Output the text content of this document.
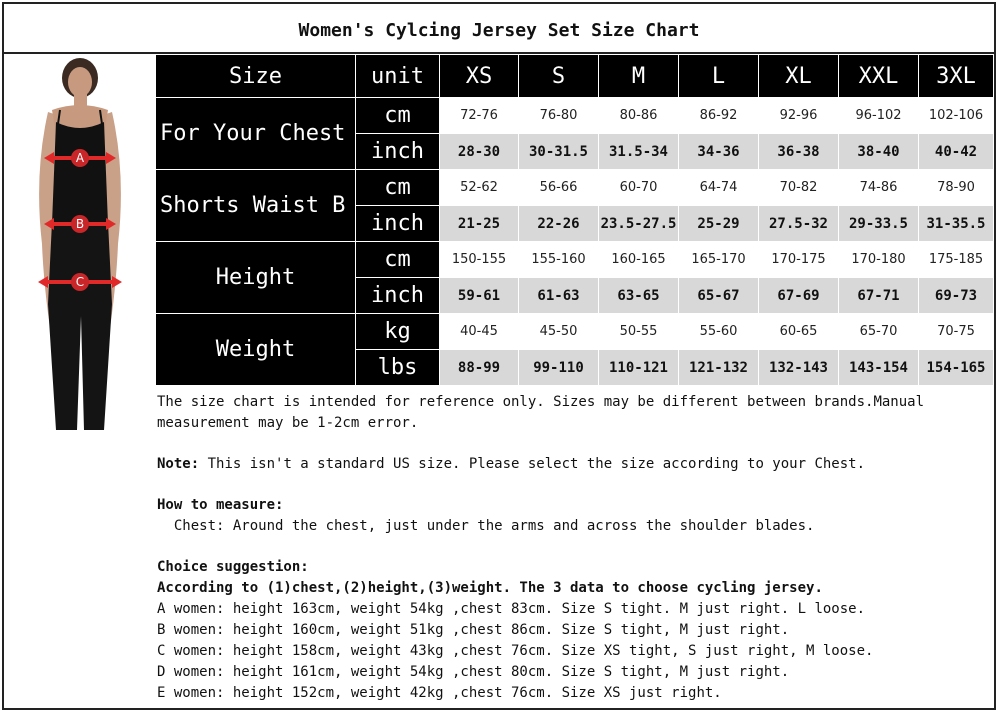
Women's Cylcing Jersey Set Size Chart
A
B
C
Size	unit	XS	S	M	L	XL	XXL	3XL
For Your Chest	cm	72-76	76-80	80-86	86-92	92-96	96-102	102-106
	inch	28-30	30-31.5	31.5-34	34-36	36-38	38-40	40-42
Shorts Waist B	cm	52-62	56-66	60-70	64-74	70-82	74-86	78-90
	inch	21-25	22-26	23.5-27.5	25-29	27.5-32	29-33.5	31-35.5
Height	cm	150-155	155-160	160-165	165-170	170-175	170-180	175-185
	inch	59-61	61-63	63-65	65-67	67-69	67-71	69-73
Weight	kg	40-45	45-50	50-55	55-60	60-65	65-70	70-75
	lbs	88-99	99-110	110-121	121-132	132-143	143-154	154-165

The size chart is intended for reference only. Sizes may be different between brands.Manual

measurement may be 1-2cm error.

Note: This isn't a standard US size. Please select the size according to your Chest.

How to measure:

Chest: Around the chest, just under the arms and across the shoulder blades.

Choice suggestion:

According to (1)chest,(2)height,(3)weight. The 3 data to choose cycling jersey.

A women: height 163cm, weight 54kg ,chest 83cm. Size S tight. M just right. L loose.

B women: height 160cm, weight 51kg ,chest 86cm. Size S tight, M just right.

C women: height 158cm, weight 43kg ,chest 76cm. Size XS tight, S just right, M loose.

D women: height 161cm, weight 54kg ,chest 80cm. Size S tight, M just right.

E women: height 152cm, weight 42kg ,chest 76cm. Size XS just right.
